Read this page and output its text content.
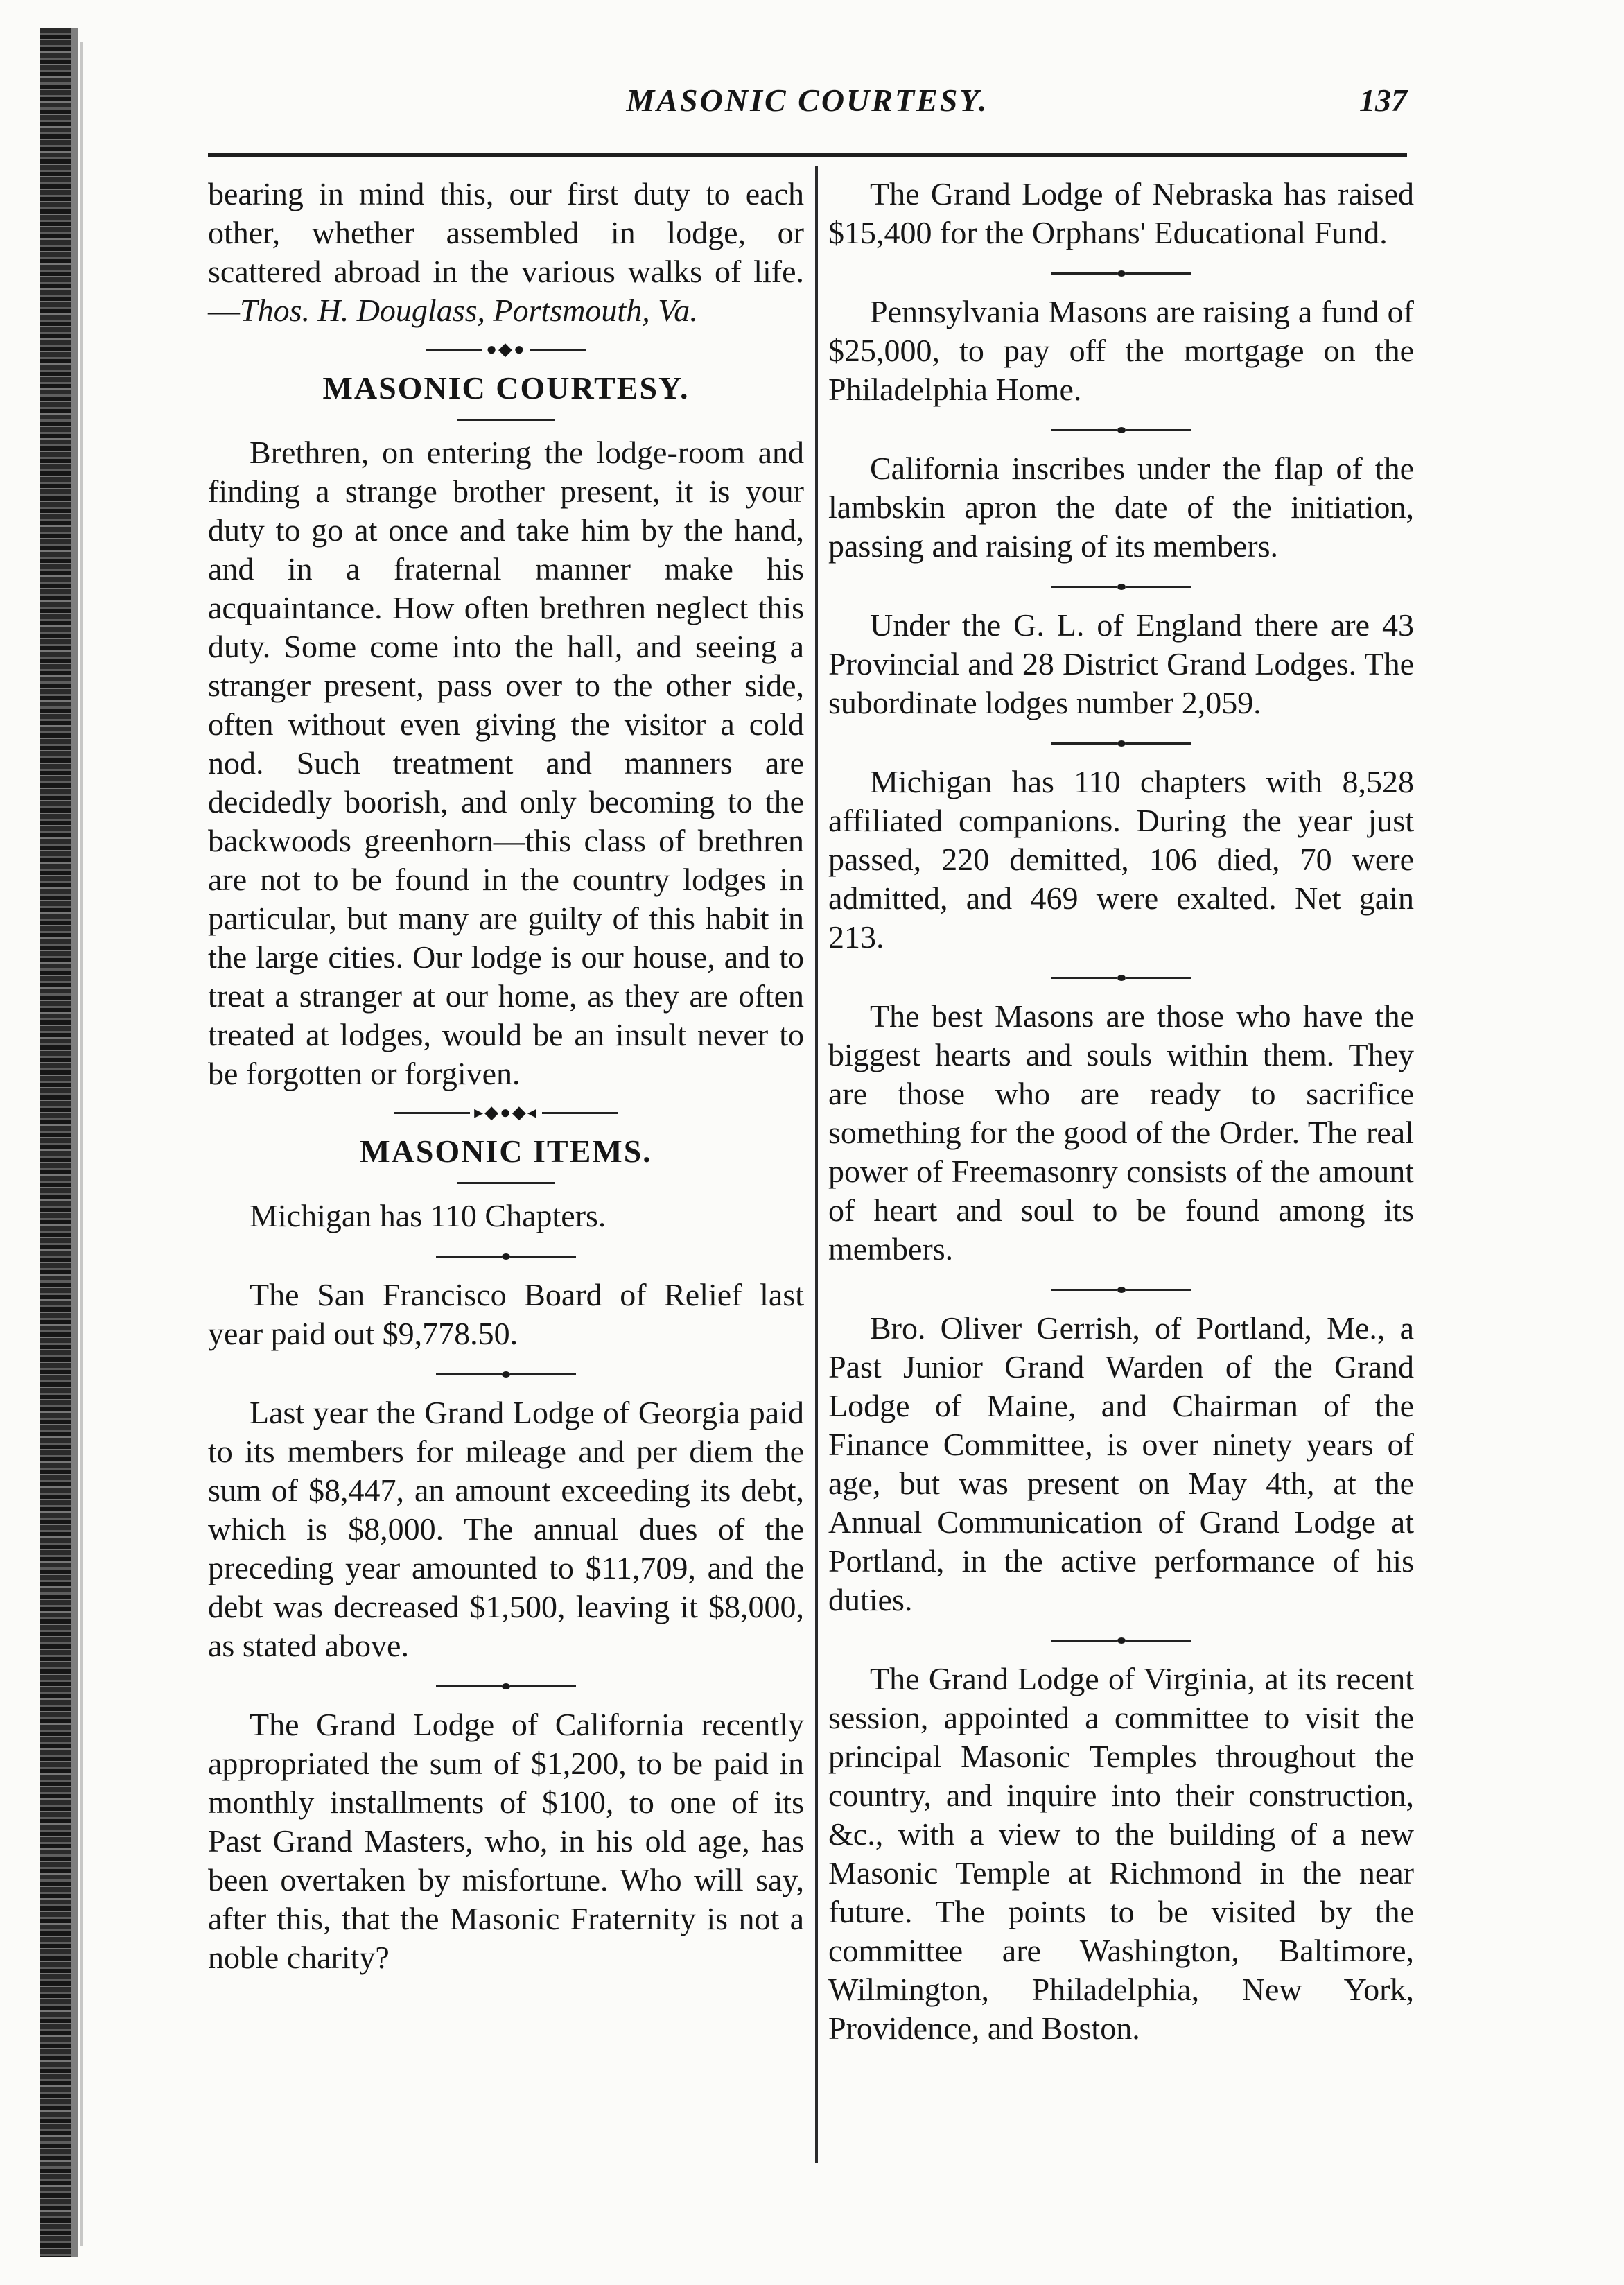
MASONIC COURTESY.	137

bearing in mind this, our first duty to each other, whether assembled in lodge, or scattered abroad in the various walks of life.—Thos. H. Douglass, Portsmouth, Va.

●◆●
MASONIC COURTESY.

Brethren, on entering the lodge-room and finding a strange brother present, it is your duty to go at once and take him by the hand, and in a fraternal manner make his acquaintance. How often brethren neglect this duty. Some come into the hall, and seeing a stranger present, pass over to the other side, often without even giving the visitor a cold nod. Such treatment and manners are decidedly boorish, and only becoming to the backwoods greenhorn—this class of brethren are not to be found in the country lodges in particular, but many are guilty of this habit in the large cities. Our lodge is our house, and to treat a stranger at our home, as they are often treated at lodges, would be an insult never to be forgotten or forgiven.

▸◆●◆◂
MASONIC ITEMS.

Michigan has 110 Chapters.

The San Francisco Board of Relief last year paid out $9,778.50.

Last year the Grand Lodge of Georgia paid to its members for mileage and per diem the sum of $8,447, an amount exceeding its debt, which is $8,000. The annual dues of the preceding year amounted to $11,709, and the debt was decreased $1,500, leaving it $8,000, as stated above.

The Grand Lodge of California recently appropriated the sum of $1,200, to be paid in monthly installments of $100, to one of its Past Grand Masters, who, in his old age, has been overtaken by misfortune. Who will say, after this, that the Masonic Fraternity is not a noble charity?

The Grand Lodge of Nebraska has raised $15,400 for the Orphans' Educational Fund.

Pennsylvania Masons are raising a fund of $25,000, to pay off the mortgage on the Philadelphia Home.

California inscribes under the flap of the lambskin apron the date of the initiation, passing and raising of its members.

Under the G. L. of England there are 43 Provincial and 28 District Grand Lodges. The subordinate lodges number 2,059.

Michigan has 110 chapters with 8,528 affiliated companions. During the year just passed, 220 demitted, 106 died, 70 were admitted, and 469 were exalted. Net gain 213.

The best Masons are those who have the biggest hearts and souls within them. They are those who are ready to sacrifice something for the good of the Order. The real power of Freemasonry consists of the amount of heart and soul to be found among its members.

Bro. Oliver Gerrish, of Portland, Me., a Past Junior Grand Warden of the Grand Lodge of Maine, and Chairman of the Finance Committee, is over ninety years of age, but was present on May 4th, at the Annual Communication of Grand Lodge at Portland, in the active performance of his duties.

The Grand Lodge of Virginia, at its recent session, appointed a committee to visit the principal Masonic Temples throughout the country, and inquire into their construction, &c., with a view to the building of a new Masonic Temple at Richmond in the near future. The points to be visited by the committee are Washington, Baltimore, Wilmington, Philadelphia, New York, Providence, and Boston.
